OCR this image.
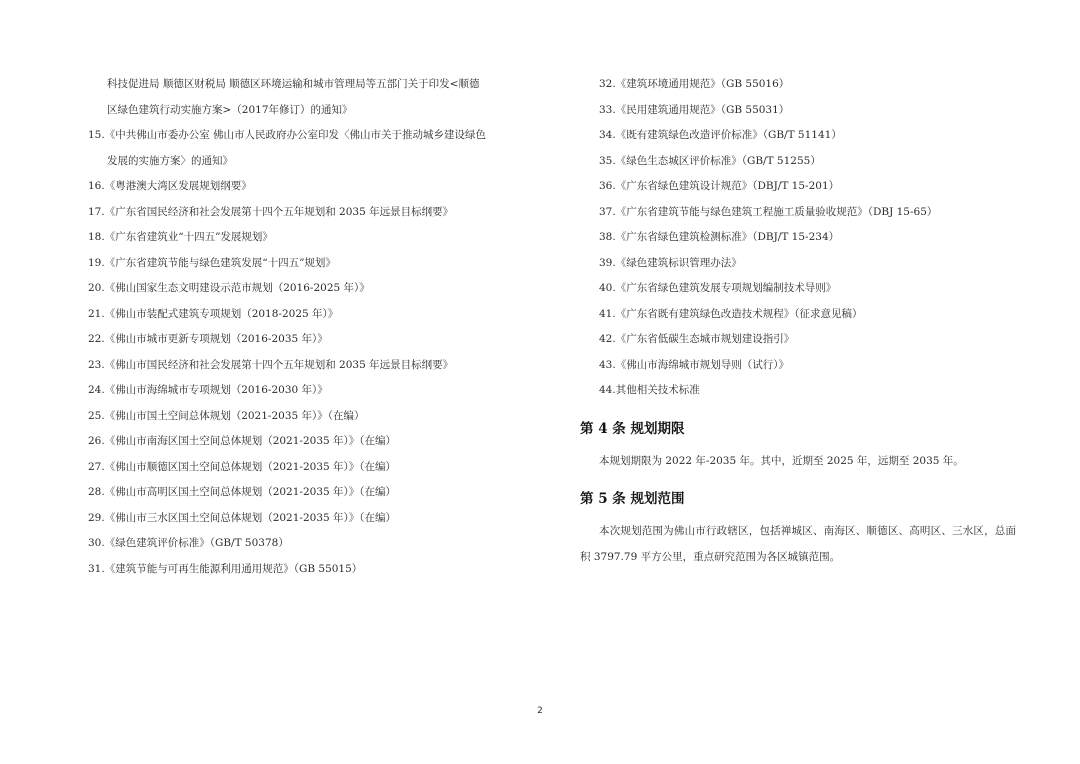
科技促进局 顺德区财税局 顺德区环境运输和城市管理局等五部门关于印发<顺德
区绿色建筑行动实施方案>（2017年修订）的通知》
15.《中共佛山市委办公室 佛山市人民政府办公室印发〈佛山市关于推动城乡建设绿色
发展的实施方案〉的通知》
16.《粤港澳大湾区发展规划纲要》
17.《广东省国民经济和社会发展第十四个五年规划和 2035 年远景目标纲要》
18.《广东省建筑业“十四五”发展规划》
19.《广东省建筑节能与绿色建筑发展“十四五”规划》
20.《佛山国家生态文明建设示范市规划（2016-2025 年）》
21.《佛山市装配式建筑专项规划（2018-2025 年）》
22.《佛山市城市更新专项规划（2016-2035 年）》
23.《佛山市国民经济和社会发展第十四个五年规划和 2035 年远景目标纲要》
24.《佛山市海绵城市专项规划（2016-2030 年）》
25.《佛山市国土空间总体规划（2021-2035 年）》（在编）
26.《佛山市南海区国土空间总体规划（2021-2035 年）》（在编）
27.《佛山市顺德区国土空间总体规划（2021-2035 年）》（在编）
28.《佛山市高明区国土空间总体规划（2021-2035 年）》（在编）
29.《佛山市三水区国土空间总体规划（2021-2035 年）》（在编）
30.《绿色建筑评价标准》（GB/T 50378）
31.《建筑节能与可再生能源利用通用规范》（GB 55015）
32.《建筑环境通用规范》（GB 55016）
33.《民用建筑通用规范》（GB 55031）
34.《既有建筑绿色改造评价标准》（GB/T 51141）
35.《绿色生态城区评价标准》（GB/T 51255）
36.《广东省绿色建筑设计规范》（DBJ/T 15-201）
37.《广东省建筑节能与绿色建筑工程施工质量验收规范》（DBJ 15-65）
38.《广东省绿色建筑检测标准》（DBJ/T 15-234）
39.《绿色建筑标识管理办法》
40.《广东省绿色建筑发展专项规划编制技术导则》
41.《广东省既有建筑绿色改造技术规程》（征求意见稿）
42.《广东省低碳生态城市规划建设指引》
43.《佛山市海绵城市规划导则（试行）》
44.其他相关技术标准
第 4 条 规划期限
本规划期限为 2022 年-2035 年。其中，近期至 2025 年，远期至 2035 年。
第 5 条 规划范围
本次规划范围为佛山市行政辖区，包括禅城区、南海区、顺德区、高明区、三水区，总面积 3797.79 平方公里，重点研究范围为各区城镇范围。
2
